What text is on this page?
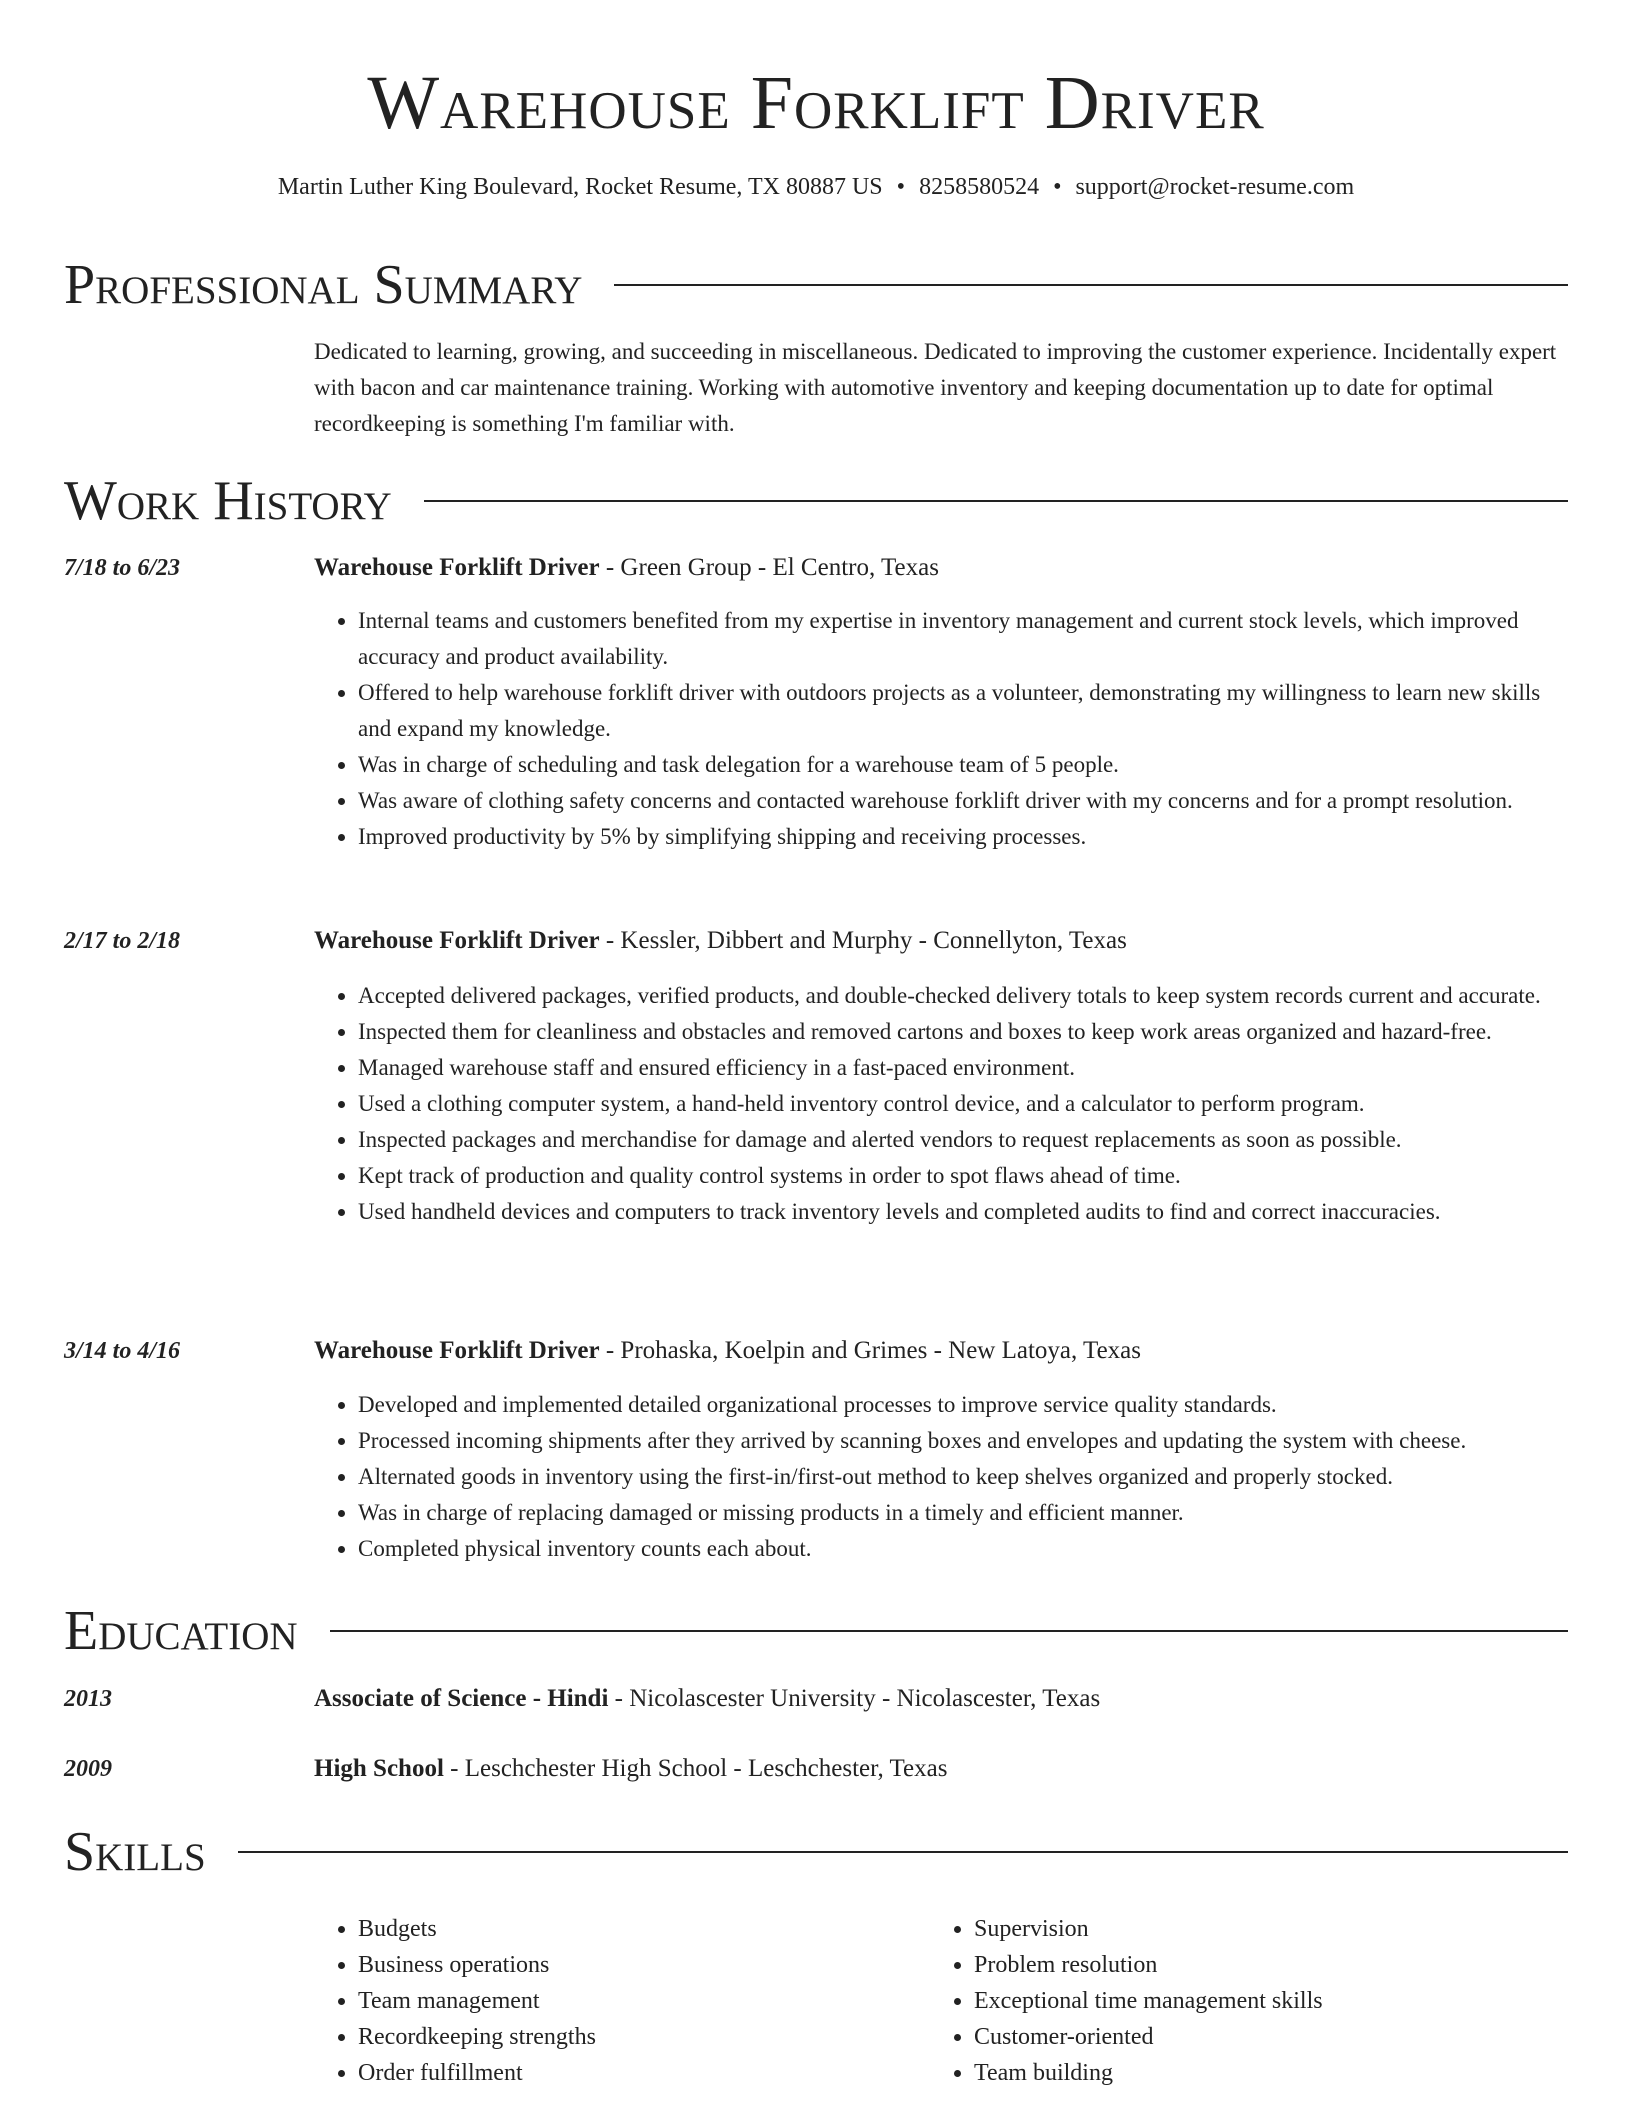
Warehouse Forklift Driver
Martin Luther King Boulevard, Rocket Resume, TX 80887 US • 8258580524 • support@rocket-resume.com
Professional Summary
Dedicated to learning, growing, and succeeding in miscellaneous. Dedicated to improving the customer experience. Incidentally expert with bacon and car maintenance training. Working with automotive inventory and keeping documentation up to date for optimal recordkeeping is something I'm familiar with.
Work History
7/18 to 6/23	Warehouse Forklift Driver - Green Group - El Centro, Texas
• Internal teams and customers benefited from my expertise in inventory management and current stock levels, which improved accuracy and product availability.
• Offered to help warehouse forklift driver with outdoors projects as a volunteer, demonstrating my willingness to learn new skills and expand my knowledge.
• Was in charge of scheduling and task delegation for a warehouse team of 5 people.
• Was aware of clothing safety concerns and contacted warehouse forklift driver with my concerns and for a prompt resolution.
• Improved productivity by 5% by simplifying shipping and receiving processes.
2/17 to 2/18	Warehouse Forklift Driver - Kessler, Dibbert and Murphy - Connellyton, Texas
• Accepted delivered packages, verified products, and double-checked delivery totals to keep system records current and accurate.
• Inspected them for cleanliness and obstacles and removed cartons and boxes to keep work areas organized and hazard-free.
• Managed warehouse staff and ensured efficiency in a fast-paced environment.
• Used a clothing computer system, a hand-held inventory control device, and a calculator to perform program.
• Inspected packages and merchandise for damage and alerted vendors to request replacements as soon as possible.
• Kept track of production and quality control systems in order to spot flaws ahead of time.
• Used handheld devices and computers to track inventory levels and completed audits to find and correct inaccuracies.
3/14 to 4/16	Warehouse Forklift Driver - Prohaska, Koelpin and Grimes - New Latoya, Texas
• Developed and implemented detailed organizational processes to improve service quality standards.
• Processed incoming shipments after they arrived by scanning boxes and envelopes and updating the system with cheese.
• Alternated goods in inventory using the first-in/first-out method to keep shelves organized and properly stocked.
• Was in charge of replacing damaged or missing products in a timely and efficient manner.
• Completed physical inventory counts each about.
Education
2013	Associate of Science - Hindi - Nicolascester University - Nicolascester, Texas
2009	High School - Leschchester High School - Leschchester, Texas
Skills
• Budgets
• Business operations
• Team management
• Recordkeeping strengths
• Order fulfillment
• Supervision
• Problem resolution
• Exceptional time management skills
• Customer-oriented
• Team building
